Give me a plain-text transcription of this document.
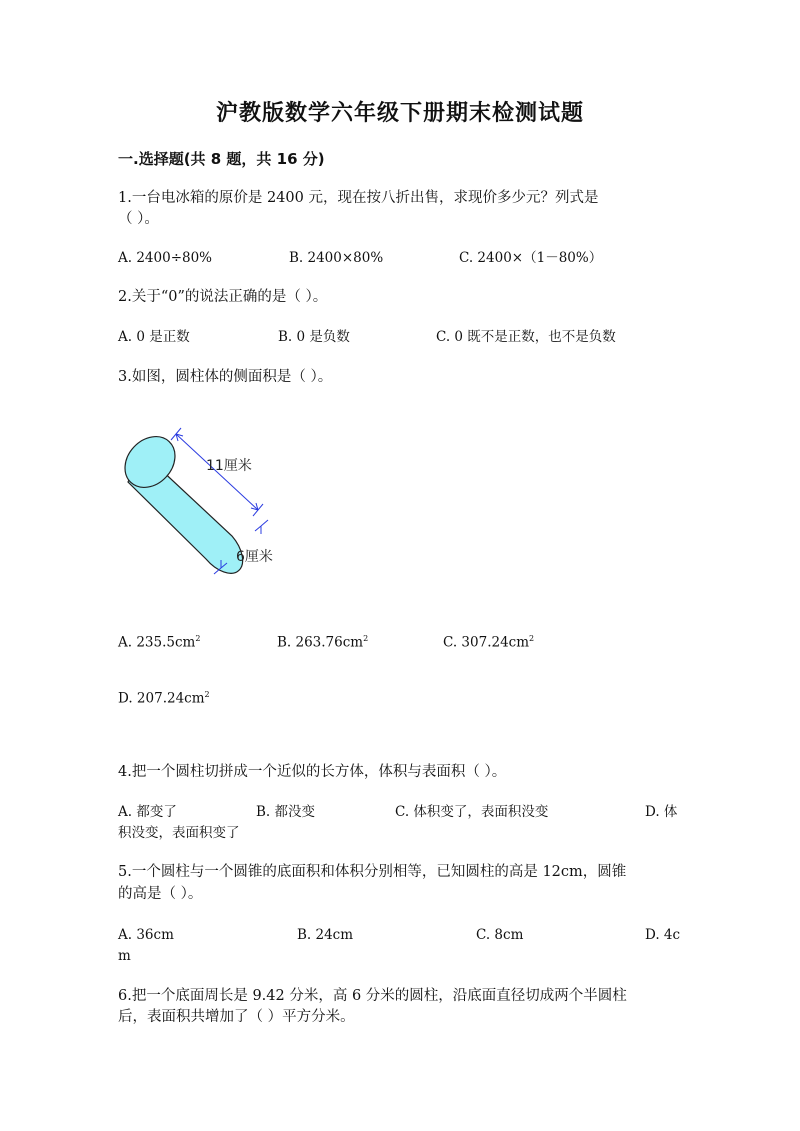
沪教版数学六年级下册期末检测试题
一.选择题(共 8 题，共 16 分)
1.一台电冰箱的原价是 2400 元，现在按八折出售，求现价多少元？列式是
（ ）。
A. 2400÷80%	B. 2400×80%	C. 2400×（1－80%）
2.关于“0”的说法正确的是（ ）。
A. 0 是正数	B. 0 是负数	C. 0 既不是正数，也不是负数
3.如图，圆柱体的侧面积是（ ）。
11厘米
6厘米
A. $235.5cm^2$	B. $263.76cm^2$	C. $307.24cm^2$
D. $207.24cm^2$
4.把一个圆柱切拼成一个近似的长方体，体积与表面积（ ）。
A. 都变了	B. 都没变	C. 体积变了，表面积没变	D. 体
积没变，表面积变了
5.一个圆柱与一个圆锥的底面积和体积分别相等，已知圆柱的高是 12cm，圆锥
的高是（ ）。
A. 36cm	B. 24cm	C. 8cm	D. 4c
m
6.把一个底面周长是 9.42 分米，高 6 分米的圆柱，沿底面直径切成两个半圆柱
后，表面积共增加了（ ）平方分米。
